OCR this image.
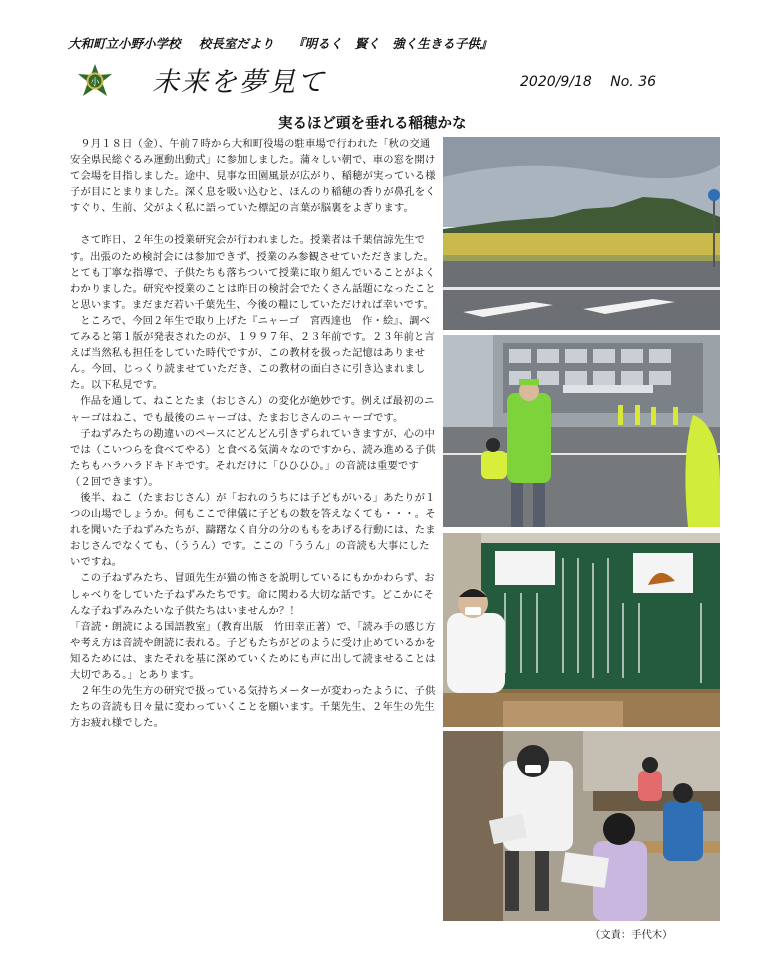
大和町立小野小学校 校長室だより 『明るく　賢く　強く生きる子供』
小 未来を夢見て	2020/9/18 No. 36
実るほど頭を垂れる稲穂かな

９月１８日（金）、午前７時から大和町役場の駐車場で行われた「秋の交通安全県民総ぐるみ運動出動式」に参加しました。蒲々しい朝で、車の窓を開けて会場を目指しました。途中、見事な田園風景が広がり、稲穂が実っている様子が目にとまりました。深く息を吸い込むと、ほんのり稲穂の香りが鼻孔をくすぐり、生前、父がよく私に語っていた標記の言葉が脳裏をよぎります。

さて昨日、２年生の授業研究会が行われました。授業者は千葉信諒先生です。出張のため検討会には参加できず、授業のみ参観させていただきました。とても丁寧な指導で、子供たちも落ちついて授業に取り組んでいることがよくわかりました。研究や授業のことは昨日の検討会でたくさん話題になったことと思います。まだまだ若い千葉先生、今後の糧にしていただければ幸いです。

ところで、今回２年生で取り上げた『ニャーゴ　宮西達也　作・絵』、調べてみると第１版が発表されたのが、１９９７年、２３年前です。２３年前と言えば当然私も担任をしていた時代ですが、この教材を扱った記憶はありません。今回、じっくり読ませていただき、この教材の面白さに引き込まれました。以下私見です。

作品を通して、ねことたま（おじさん）の変化が絶妙です。例えば最初のニャーゴはねこ、でも最後のニャーゴは、たまおじさんのニャーゴです。

子ねずみたちの勘違いのペースにどんどん引きずられていきますが、心の中では（こいつらを食べてやる）と食べる気満々なのですから、読み進める子供たちもハラハラドキドキです。それだけに「ひひひひ。」の音読は重要です（２回できます）。

後半、ねこ（たまおじさん）が「おれのうちには子どもがいる」あたりが１つの山場でしょうか。何もここで律儀に子どもの数を答えなくても・・・。それを聞いた子ねずみたちが、躊躇なく自分の分のももをあげる行動には、たまおじさんでなくても、（ううん）です。ここの「ううん」の音読も大事にしたいですね。

この子ねずみたち、冒頭先生が猫の怖さを説明しているにもかかわらず、おしゃべりをしていた子ねずみたちです。命に関わる大切な話です。どこかにそんな子ねずみみたいな子供たちはいませんか？！

「音読・朗読による国語教室」（教育出版　竹田幸正著）で、「読み手の感じ方や考え方は音読や朗読に表れる。子どもたちがどのように受け止めているかを知るためには、またそれを基に深めていくためにも声に出して読ませることは大切である。」とあります。

２年生の先生方の研究で扱っている気持ちメーターが変わったように、子供たちの音読も日々量に変わっていくことを願います。千葉先生、２年生の先生方お疲れ様でした。

（文責：手代木）
